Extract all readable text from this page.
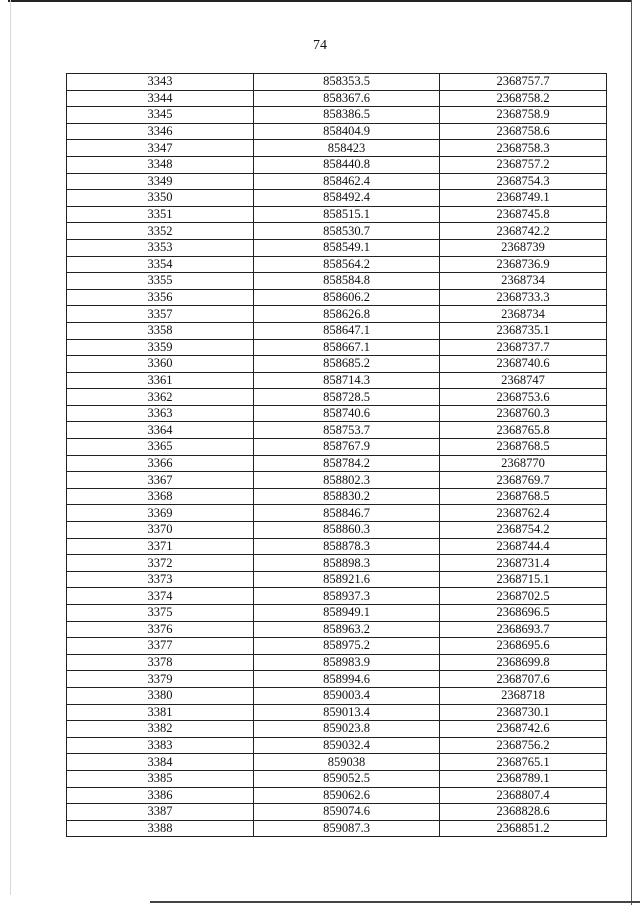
74
3343	858353.5	2368757.7
3344	858367.6	2368758.2
3345	858386.5	2368758.9
3346	858404.9	2368758.6
3347	858423	2368758.3
3348	858440.8	2368757.2
3349	858462.4	2368754.3
3350	858492.4	2368749.1
3351	858515.1	2368745.8
3352	858530.7	2368742.2
3353	858549.1	2368739
3354	858564.2	2368736.9
3355	858584.8	2368734
3356	858606.2	2368733.3
3357	858626.8	2368734
3358	858647.1	2368735.1
3359	858667.1	2368737.7
3360	858685.2	2368740.6
3361	858714.3	2368747
3362	858728.5	2368753.6
3363	858740.6	2368760.3
3364	858753.7	2368765.8
3365	858767.9	2368768.5
3366	858784.2	2368770
3367	858802.3	2368769.7
3368	858830.2	2368768.5
3369	858846.7	2368762.4
3370	858860.3	2368754.2
3371	858878.3	2368744.4
3372	858898.3	2368731.4
3373	858921.6	2368715.1
3374	858937.3	2368702.5
3375	858949.1	2368696.5
3376	858963.2	2368693.7
3377	858975.2	2368695.6
3378	858983.9	2368699.8
3379	858994.6	2368707.6
3380	859003.4	2368718
3381	859013.4	2368730.1
3382	859023.8	2368742.6
3383	859032.4	2368756.2
3384	859038	2368765.1
3385	859052.5	2368789.1
3386	859062.6	2368807.4
3387	859074.6	2368828.6
3388	859087.3	2368851.2
